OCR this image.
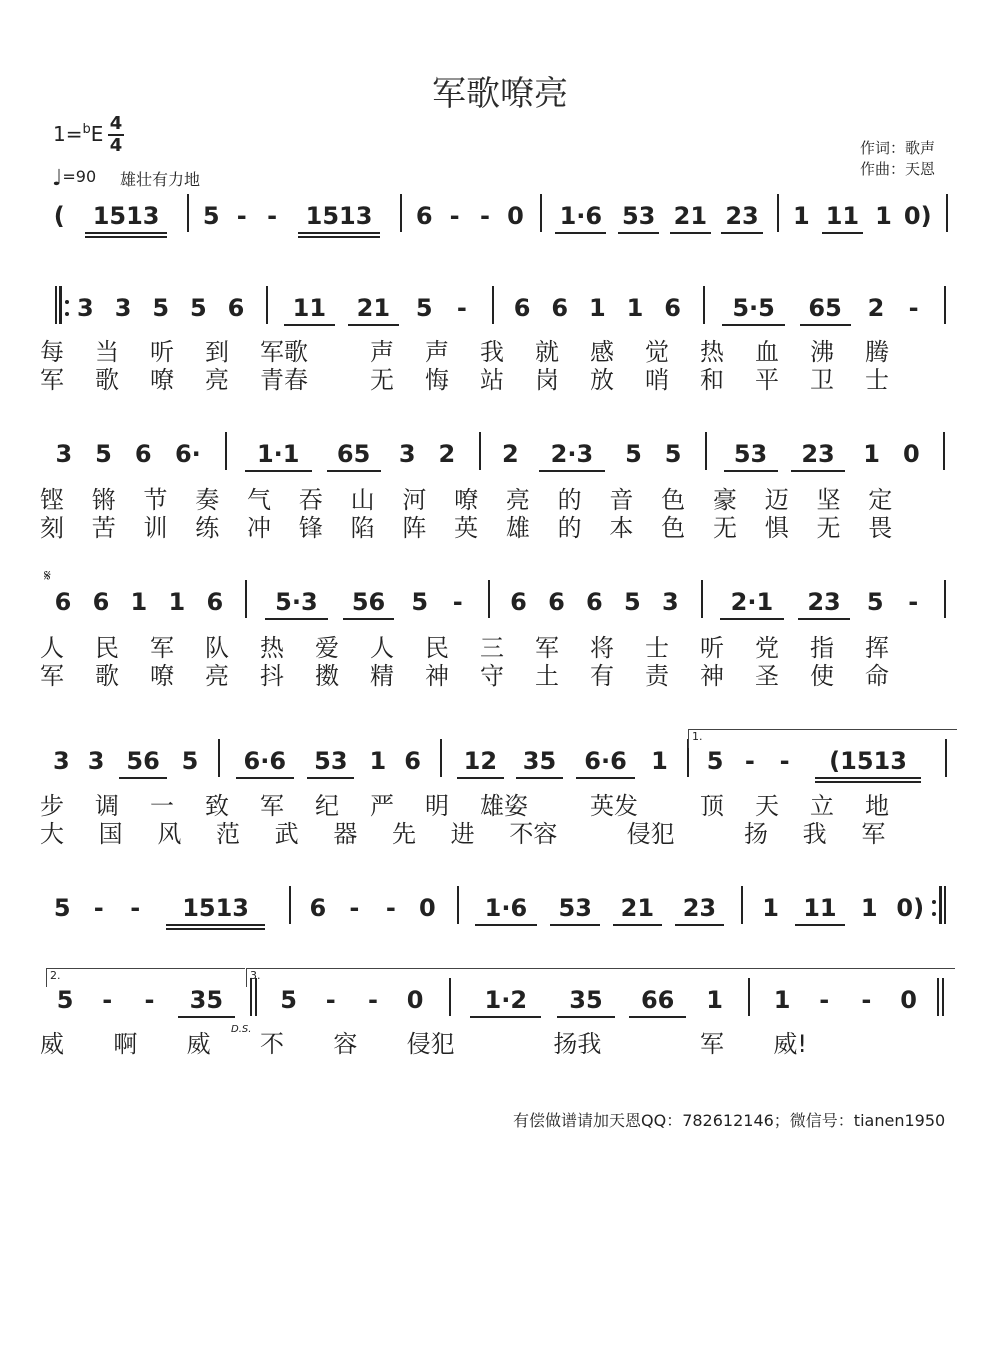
军歌嘹亮
1=$^b$E 4
4
♩=90 雄壮有力地
作词：歌声
作曲：天恩
(	1513	5 - -	1513	6 - - 0	1·6 53 21 23	1 11 1 0)
3 3 5 5 6	11	21	5	-	6 6 1 1 6	5·5	65	2	-
每	当	听	到	军歌	声	声	我	就	感	觉	热	血	沸	腾
军	歌	嘹	亮	青春	无	悔	站	岗	放	哨	和	平	卫	士
3 5 6 6·	1·1	65	3 2	2	2·3	5 5	53	23	1 0
铿	锵	节	奏	气	吞	山	河	嘹	亮	的	音	色	豪	迈	坚	定
刻	苦	训	练	冲	锋	陷	阵	英	雄	的	本	色	无	惧	无	畏
6 6 1 1 6	5·3	56	5	-	6 6 6 5 3	2·1	23	5	-
𝄋
人	民	军	队	热	爱	人	民	三	军	将	士	听	党	指	挥
军	歌	嘹	亮	抖	擞	精	神	守	土	有	责	神	圣	使	命
3 3 56 5	6·6	53 1 6	12	35	6·6	1	5 -	-	(1513
1.
步	调	一	致	军	纪	严	明	雄姿	英发	顶	天	立	地
大	国	风	范	武	器	先	进	不容	侵犯	扬	我	军
5 -	-	1513	6 -	- 0	1·6	53	21	23	1	11	1 0)
5	-	-	35	5	-	-	0	1·2	35	66	1	1	-	-	0
2.	3.
D.S.
威	啊	威	不	容	侵犯	扬我	军	威!
有偿做谱请加天恩QQ：782612146；微信号：tianen1950
